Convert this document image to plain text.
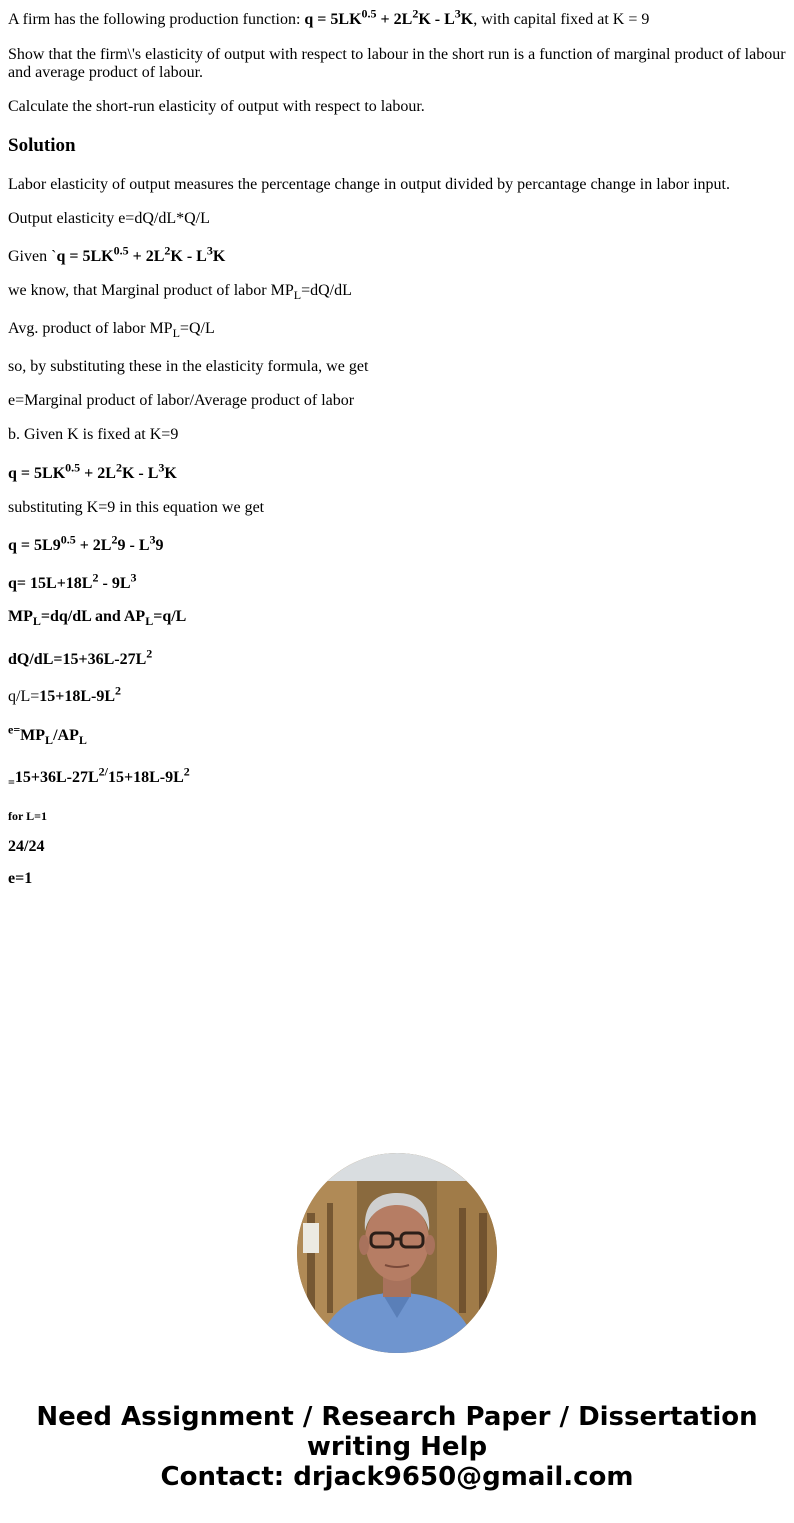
A firm has the following production function: $q = 5LK^{0.5} + 2L^2K - L^3K$, with capital fixed at K = 9

Show that the firm\'s elasticity of output with respect to labour in the short run is a function of marginal product of labour and average product of labour.

Calculate the short-run elasticity of output with respect to labour.

Solution

Labor elasticity of output measures the percentage change in output divided by percantage change in labor input.

Output elasticity e=dQ/dL*Q/L

Given `q = $5LK^{0.5} + 2L^2K - L^3K$

we know, that Marginal product of labor $MP_L=dQ/dL$

Avg. product of labor $MP_L=Q/L$

so, by substituting these in the elasticity formula, we get

e=Marginal product of labor/Average product of labor

b. Given K is fixed at K=9

$q = 5LK^{0.5} + 2L^2K - L^3K$

substituting K=9 in this equation we get

$q = 5L9^{0.5} + 2L^29 - L^39$

$q= 15L+18L^2 - 9L^3$

$MP_L=dq/dL$ and $AP_L=q/L$

$dQ/dL=15+36L-27L^2$

$q/L=15+18L-9L^2$

$^{e=}MP_L/AP_L$

$_=15+36L-27L^{2/}15+18L-9L^2$

for L=1

24/24

e=1

Need Assignment / Research Paper / Dissertation
writing Help
Contact: drjack9650@gmail.com
